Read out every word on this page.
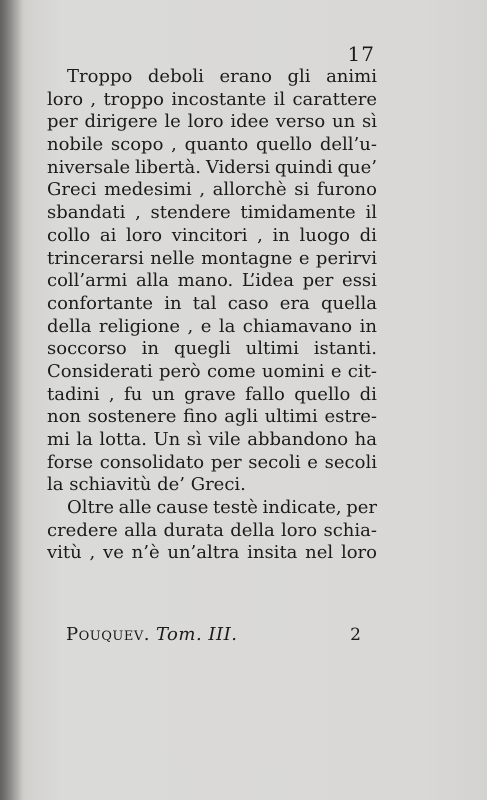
17
Troppo deboli erano gli animi
loro , troppo incostante il carattere
per dirigere le loro idee verso un sì
nobile scopo , quanto quello dell’u-
niversale libertà. Vidersi quindi que’
Greci medesimi , allorchè si furono
sbandati , stendere timidamente il
collo ai loro vincitori , in luogo di
trincerarsi nelle montagne e perirvi
coll’armi alla mano. L’idea per essi
confortante in tal caso era quella
della religione , e la chiamavano in
soccorso in quegli ultimi istanti.
Considerati però come uomini e cit-
tadini , fu un grave fallo quello di
non sostenere fino agli ultimi estre-
mi la lotta. Un sì vile abbandono ha
forse consolidato per secoli e secoli
la schiavitù de’ Greci.
Oltre alle cause testè indicate, per
credere alla durata della loro schia-
vitù , ve n’è un’altra insita nel loro
Pouquev. Tom. III.	2
